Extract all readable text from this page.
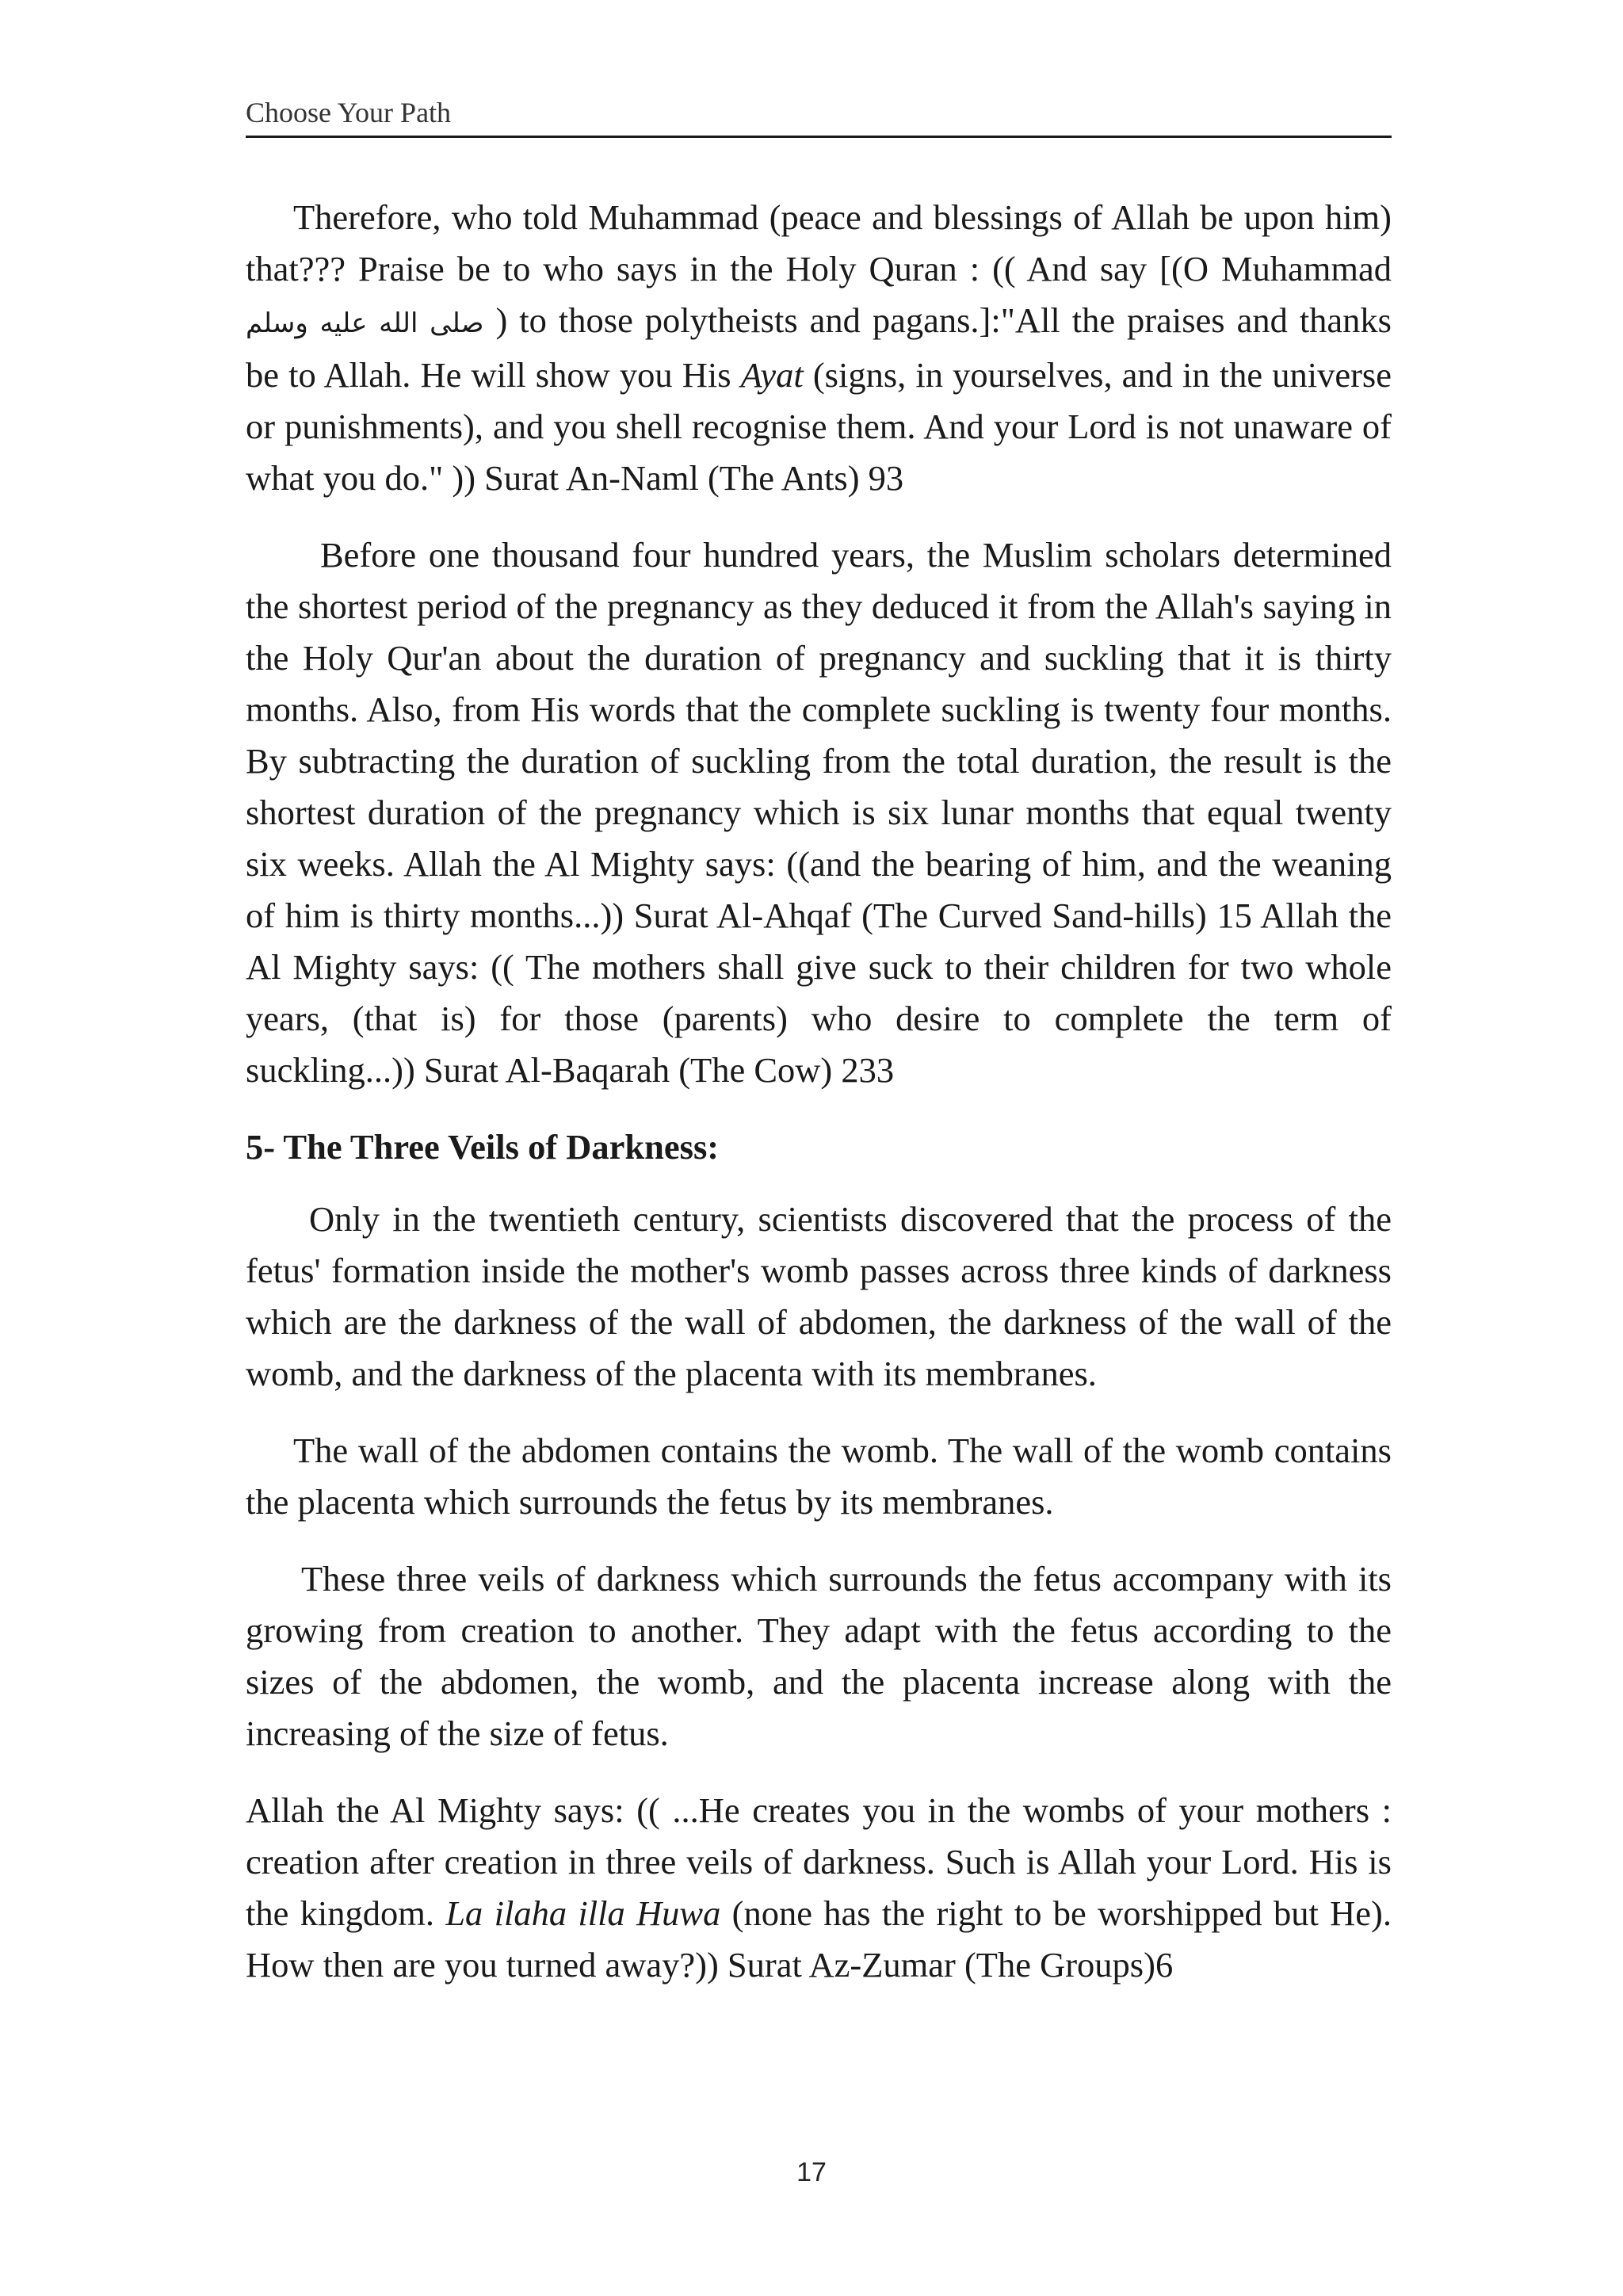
Choose Your Path

Therefore, who told Muhammad (peace and blessings of Allah be upon him) that??? Praise be to who says in the Holy Quran : (( And say [(O Muhammad صلى الله عليه وسلم ) to those polytheists and pagans.]:"All the praises and thanks be to Allah. He will show you His Ayat (signs, in yourselves, and in the universe or punishments), and you shell recognise them. And your Lord is not unaware of what you do." )) Surat An-Naml (The Ants) 93

Before one thousand four hundred years, the Muslim scholars determined the shortest period of the pregnancy as they deduced it from the Allah's saying in the Holy Qur'an about the duration of pregnancy and suckling that it is thirty months. Also, from His words that the complete suckling is twenty four months. By subtracting the duration of suckling from the total duration, the result is the shortest duration of the pregnancy which is six lunar months that equal twenty six weeks. Allah the Al Mighty says: ((and the bearing of him, and the weaning of him is thirty months...)) Surat Al-Ahqaf (The Curved Sand-hills) 15 Allah the Al Mighty says: (( The mothers shall give suck to their children for two whole years, (that is) for those (parents) who desire to complete the term of suckling...)) Surat Al-Baqarah (The Cow) 233

5- The Three Veils of Darkness:

Only in the twentieth century, scientists discovered that the process of the fetus' formation inside the mother's womb passes across three kinds of darkness which are the darkness of the wall of abdomen, the darkness of the wall of the womb, and the darkness of the placenta with its membranes.

The wall of the abdomen contains the womb. The wall of the womb contains the placenta which surrounds the fetus by its membranes.

These three veils of darkness which surrounds the fetus accompany with its growing from creation to another. They adapt with the fetus according to the sizes of the abdomen, the womb, and the placenta increase along with the increasing of the size of fetus.

Allah the Al Mighty says: (( ...He creates you in the wombs of your mothers : creation after creation in three veils of darkness. Such is Allah your Lord. His is the kingdom. La ilaha illa Huwa (none has the right to be worshipped but He). How then are you turned away?)) Surat Az-Zumar (The Groups)6

17
